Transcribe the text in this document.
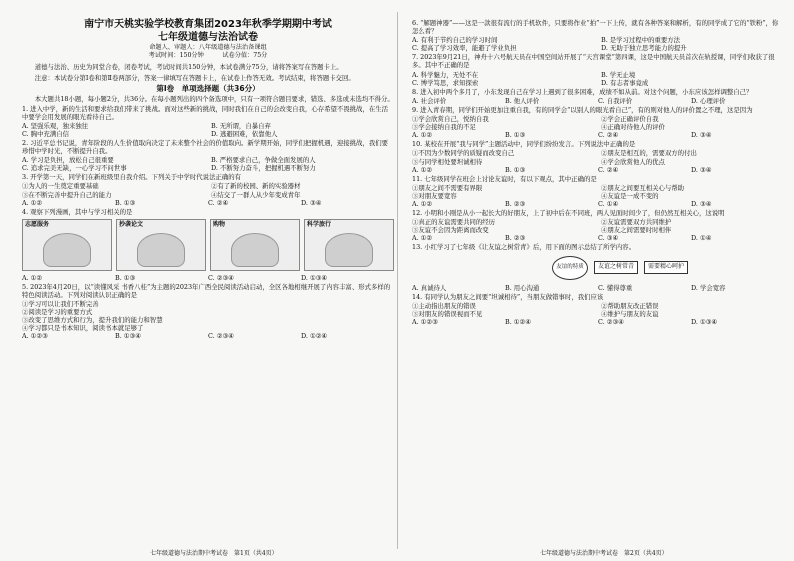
南宁市天桃实验学校教育集团2023年秋季学期期中考试
七年级道德与法治试卷
命题人、审题人：八年级道德与法治备课组
考试时间：150分钟　　　试卷分值：75分
　　道德与法治、历史为同堂合卷，闭卷考试，考试时间共150分钟，本试卷满分75分，请将答案写在答题卡上。
　　注意：本试卷分第Ⅰ卷和第Ⅱ卷两部分，答案一律填写在答题卡上，在试卷上作答无效。考试结束，将答题卡交回。
第Ⅰ卷　单项选择题（共36分）
　　本大题共18小题，每小题2分，共36分。在每小题列出的四个备选项中，只有一项符合题目要求，错选、多选或未选均不得分。
1. 进入中学，新的生活和要求给我们带来了挑战。面对这些新的挑战，同时我们在自己的会改变自我，心存希望不畏挑战，在生活中要学会用发展的眼光看待自己。
A. 坚强乐观，独来独往	B. 无所谓，自暴自弃
C. 胸中充满自信	D. 逃避困难，依靠他人
2. 习近平总书记说，青年阶段的人生价值取向决定了未来整个社会的价值取向。新学期开始，同学们把握机遇，迎接挑战，我们要珍惜中学时光，不断提升自我。
A. 学习是负担，放松自己很重要	B. 严格要求自己，争做全面发展的人
C. 追求完美无缺，一心学习不问世事	D. 不断努力奋斗，把握机遇不断努力
3. 开学第一天，同学们在新班级里自我介绍。下列关于中学时代说法正确的有
①为人的一生奠定重要基础	②有了新的校园、新的实验器材
③在不断完善中提升自己的能力	④结交了一群人从少年变成青年
A. ①②	B. ①③	C. ②④	D. ③④
4. 观察下列漫画，其中与学习相关的是
志愿服务	抄袭论文	购物	科学旅行
A. ①②	B. ①③	C. ②③④	D. ①③④
5. 2023年4月20日，以“读懂风采 书香八桂”为主题的2023年广西全民阅读活动启动，全区各地相继开展了内容丰富、形式多样的特色阅读活动。下列对阅读认识正确的是
①学习可以让我们不断完善
②阅读是学习的重要方式
③改变了思维方式和行为，提升我们的能力和智慧
④学习都只是书本知识，阅读书本就足够了
A. ①②③	B. ①③④	C. ②③④	D. ①②④
6. “解题神器”——这是一款很有流行的手机软件，只要将作业“拍”一下上传，就有各种答案和解析，有的同学成了它的“铁粉”，你怎么看？
A. 有利于节约自己的学习时间	B. 是学习过程中的重要方法
C. 提高了学习效率，能避了学业负担	D. 无助于独立思考能力的提升
7. 2023年9月21日，神舟十六号航天员在中国空间站开展了“天宫课堂”第四课，这是中国航天员首次在轨授课，同学们收获了很多。其中不正确的是
A. 科学魅力，无处不在	B. 学无止境
C. 博学笃思，求知探索	D. 有志者事竟成
8. 进入初中两个多月了，小东发现自己在学习上遇到了很多困难，成绩不如从前。对这个问题，小东应该怎样调整自己？
A. 社会评价	B. 他人评价	C. 自我评价	D. 心理评价
9. 进入青春期，同学们开始更加注重自我，有的同学会“以别人的眼光看自己”，有的则对他人的评价置之不理，这是因为
①学会欣赏自己，悦纳自我	②学会正确评价自我
③学会接纳自我的不足	④正确对待他人的评价
A. ①②	B. ①③	C. ②④	D. ③④
10. 某校在开展“我与同学”主题活动中，同学们纷纷发言。下列说法中正确的是
①不因为少数同学的质疑而改变自己	②朋友是相互的，需要双方的付出
③与同学相处要坦诚相待	④学会欣赏他人的优点
A. ①②	B. ①③	C. ②④	D. ③④
11. 七年级同学在班会上讨论友谊时，有以下观点，其中正确的是
①朋友之间不需要有界限	②朋友之间要互相关心与帮助
③对朋友要宽容	④友谊是一成不变的
A. ①②	B. ②③	C. ①④	D. ③④
12. 小明和小刚是从小一起长大的好朋友，上了初中后在不同班，两人见面时间少了，但仍然互相关心，这说明
①真正的友谊需要共同的经历	②友谊需要双方共同维护
③友谊不会因为距离而改变	④朋友之间需要时时相伴
A. ①②	B. ②③	C. ③④	D. ①④
13. 小红学习了七年级《让友谊之树常青》后，用下面的图示总结了所学内容。
友谊的特质	友谊之树常青	需要精心呵护
A. 真诚待人	B. 用心沟通	C. 懂得尊重	D. 学会宽容
14. 有同学认为朋友之间要“坦诚相待”，当朋友做错事时，我们应该
①主动指出朋友的错误	②帮助朋友改正错误
③对朋友的错误视而不见	④维护与朋友的友谊
A. ①②③	B. ①②④	C. ②③④	D. ①③④
七年级道德与法治期中考试卷　第1页（共4页）	七年级道德与法治期中考试卷　第2页（共4页）
